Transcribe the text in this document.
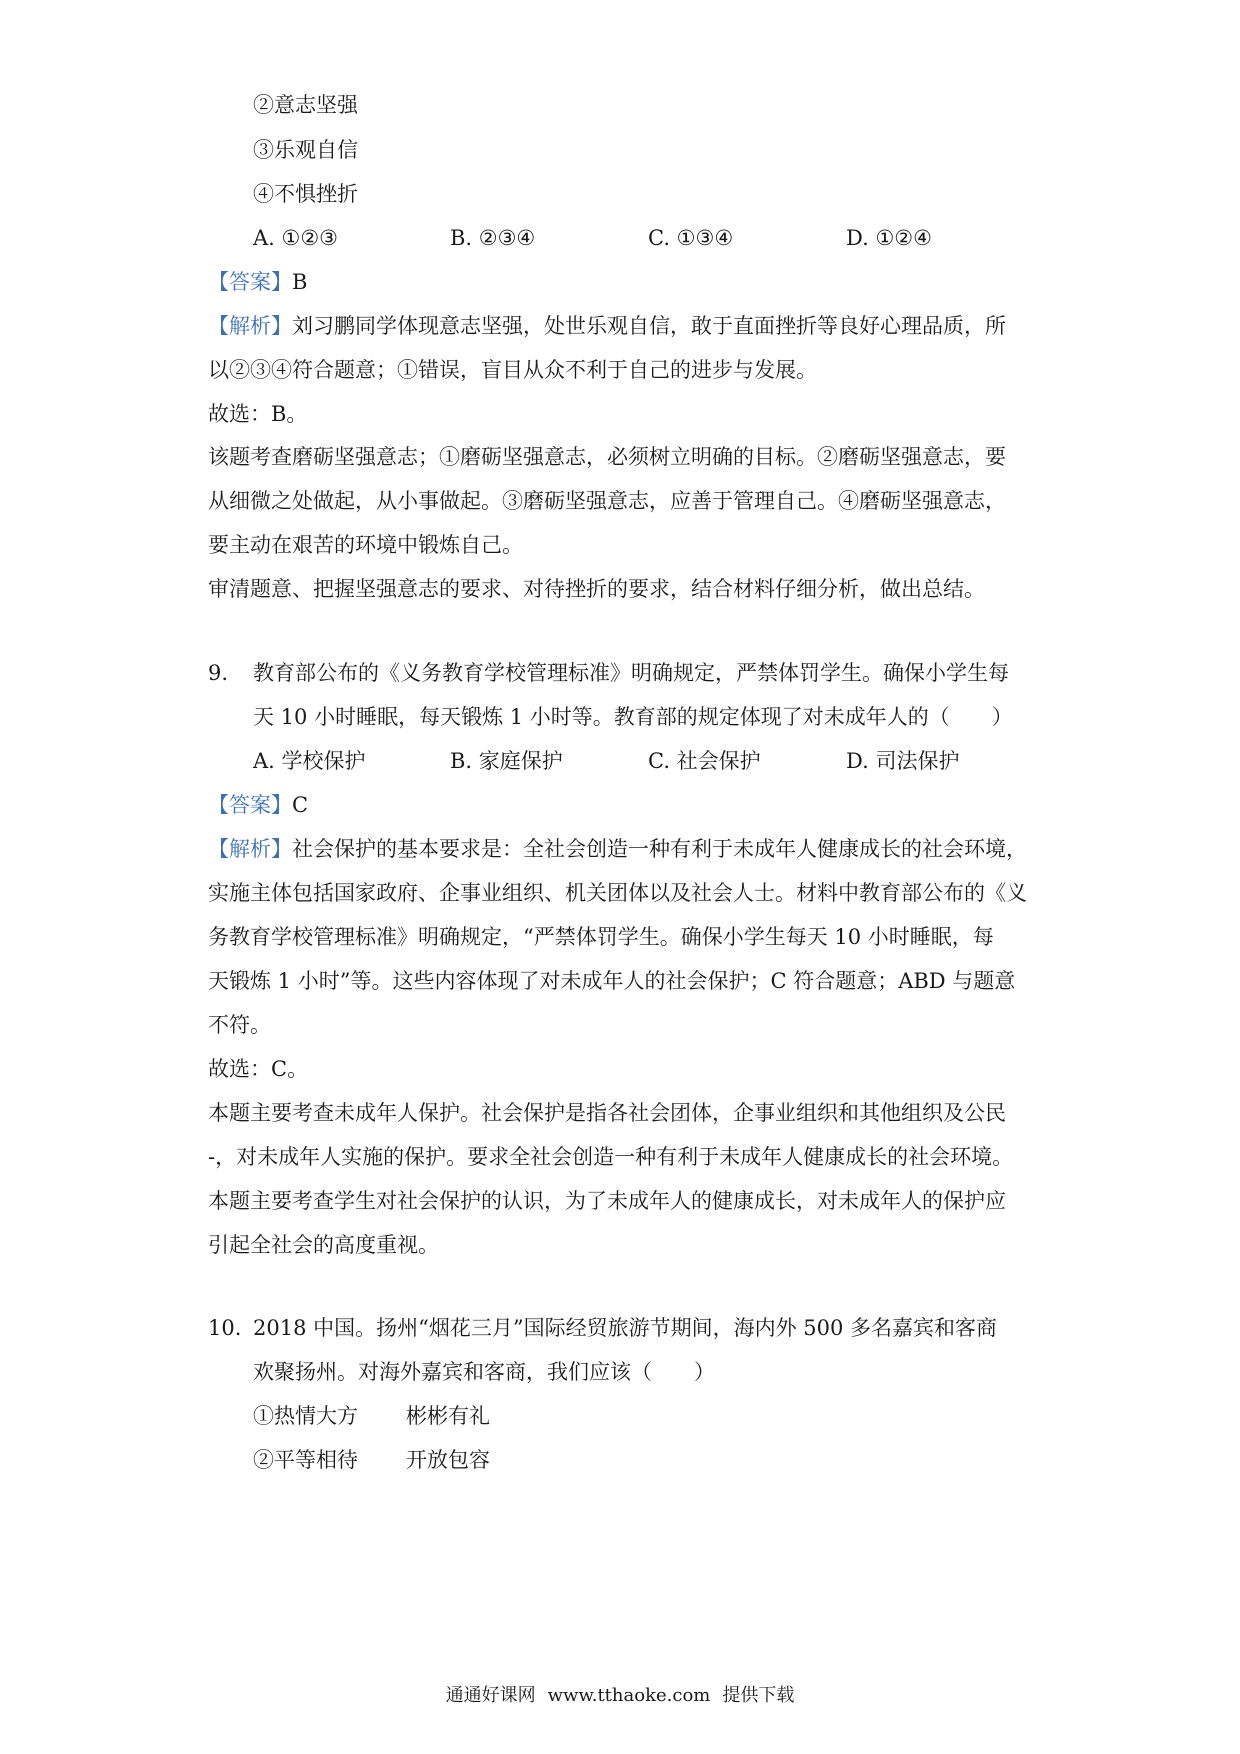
②意志坚强
③乐观自信
④不惧挫折
A. ①②③	B. ②③④	C. ①③④	D. ①②④
【答案】B
【解析】刘习鹏同学体现意志坚强，处世乐观自信，敢于直面挫折等良好心理品质，所
以②③④符合题意；①错误，盲目从众不利于自己的进步与发展。
故选：B。
该题考查磨砺坚强意志；①磨砺坚强意志，必须树立明确的目标。②磨砺坚强意志，要
从细微之处做起，从小事做起。③磨砺坚强意志，应善于管理自己。④磨砺坚强意志，
要主动在艰苦的环境中锻炼自己。
审清题意、把握坚强意志的要求、对待挫折的要求，结合材料仔细分析，做出总结。
9. 教育部公布的《义务教育学校管理标准》明确规定，严禁体罚学生。确保小学生每
天 10 小时睡眠，每天锻炼 1 小时等。教育部的规定体现了对未成年人的（　　）
A. 学校保护	B. 家庭保护	C. 社会保护	D. 司法保护
【答案】C
【解析】社会保护的基本要求是：全社会创造一种有利于未成年人健康成长的社会环境，
实施主体包括国家政府、企事业组织、机关团体以及社会人士。材料中教育部公布的《义
务教育学校管理标准》明确规定，“严禁体罚学生。确保小学生每天 10 小时睡眠，每
天锻炼 1 小时”等。这些内容体现了对未成年人的社会保护；C 符合题意；ABD 与题意
不符。
故选：C。
本题主要考查未成年人保护。社会保护是指各社会团体，企事业组织和其他组织及公民
-，对未成年人实施的保护。要求全社会创造一种有利于未成年人健康成长的社会环境。
本题主要考查学生对社会保护的认识，为了未成年人的健康成长，对未成年人的保护应
引起全社会的高度重视。
10. 2018 中国。扬州“烟花三月”国际经贸旅游节期间，海内外 500 多名嘉宾和客商
欢聚扬州。对海外嘉宾和客商，我们应该（　　）
①热情大方 彬彬有礼
②平等相待 开放包容
通通好课网 www.tthaoke.com 提供下载
